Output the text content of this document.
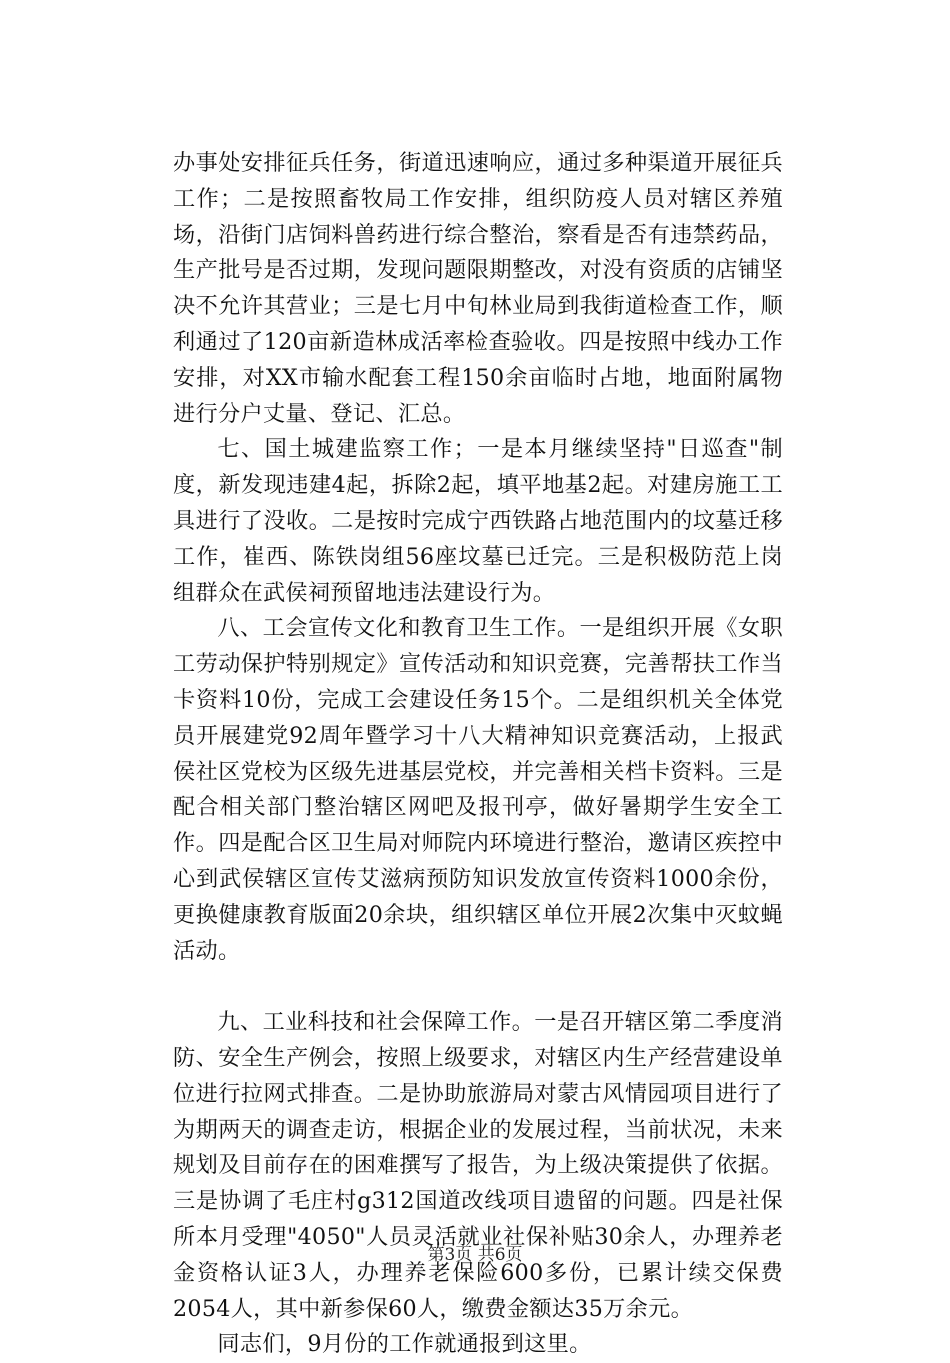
办事处安排征兵任务，街道迅速响应，通过多种渠道开展征兵工作；二是按照畜牧局工作安排，组织防疫人员对辖区养殖场，沿街门店饲料兽药进行综合整治，察看是否有违禁药品，生产批号是否过期，发现问题限期整改，对没有资质的店铺坚决不允许其营业；三是七月中旬林业局到我街道检查工作，顺利通过了120亩新造林成活率检查验收。四是按照中线办工作安排，对XX市输水配套工程150余亩临时占地，地面附属物进行分户丈量、登记、汇总。

七、国土城建监察工作；一是本月继续坚持"日巡查"制度，新发现违建4起，拆除2起，填平地基2起。对建房施工工具进行了没收。二是按时完成宁西铁路占地范围内的坟墓迁移工作，崔西、陈铁岗组56座坟墓已迁完。三是积极防范上岗组群众在武侯祠预留地违法建设行为。

八、工会宣传文化和教育卫生工作。一是组织开展《女职工劳动保护特别规定》宣传活动和知识竞赛，完善帮扶工作当卡资料10份，完成工会建设任务15个。二是组织机关全体党员开展建党92周年暨学习十八大精神知识竞赛活动，上报武侯社区党校为区级先进基层党校，并完善相关档卡资料。三是配合相关部门整治辖区网吧及报刊亭，做好暑期学生安全工作。四是配合区卫生局对师院内环境进行整治，邀请区疾控中心到武侯辖区宣传艾滋病预防知识发放宣传资料1000余份，更换健康教育版面20余块，组织辖区单位开展2次集中灭蚊蝇活动。

九、工业科技和社会保障工作。一是召开辖区第二季度消防、安全生产例会，按照上级要求，对辖区内生产经营建设单位进行拉网式排查。二是协助旅游局对蒙古风情园项目进行了为期两天的调查走访，根据企业的发展过程，当前状况，未来规划及目前存在的困难撰写了报告，为上级决策提供了依据。三是协调了毛庄村g312国道改线项目遗留的问题。四是社保所本月受理"4050"人员灵活就业社保补贴30余人，办理养老金资格认证3人，办理养老保险600多份，已累计续交保费2054人，其中新参保60人，缴费金额达35万余元。

同志们，9月份的工作就通报到这里。

第3页 共6页
